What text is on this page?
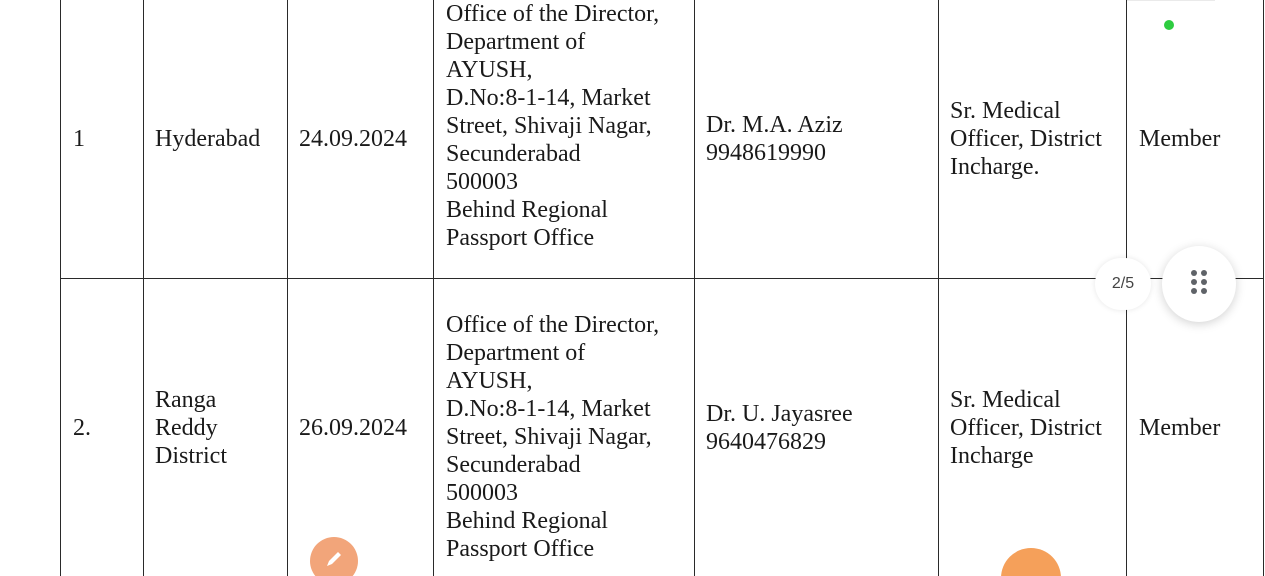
1	Hyderabad	24.09.2024
Office of the Director,
Department of
AYUSH,
D.No:8-1-14, Market
Street, Shivaji Nagar,
Secunderabad
500003
Behind Regional
Passport Office
Dr. M.A. Aziz
9948619990
Sr. Medical
Officer, District
Incharge.
Member
2.
Ranga
Reddy
District
26.09.2024
Office of the Director,
Department of
AYUSH,
D.No:8-1-14, Market
Street, Shivaji Nagar,
Secunderabad
500003
Behind Regional
Passport Office
Dr. U. Jayasree
9640476829
Sr. Medical
Officer, District
Incharge
Member
2/5
